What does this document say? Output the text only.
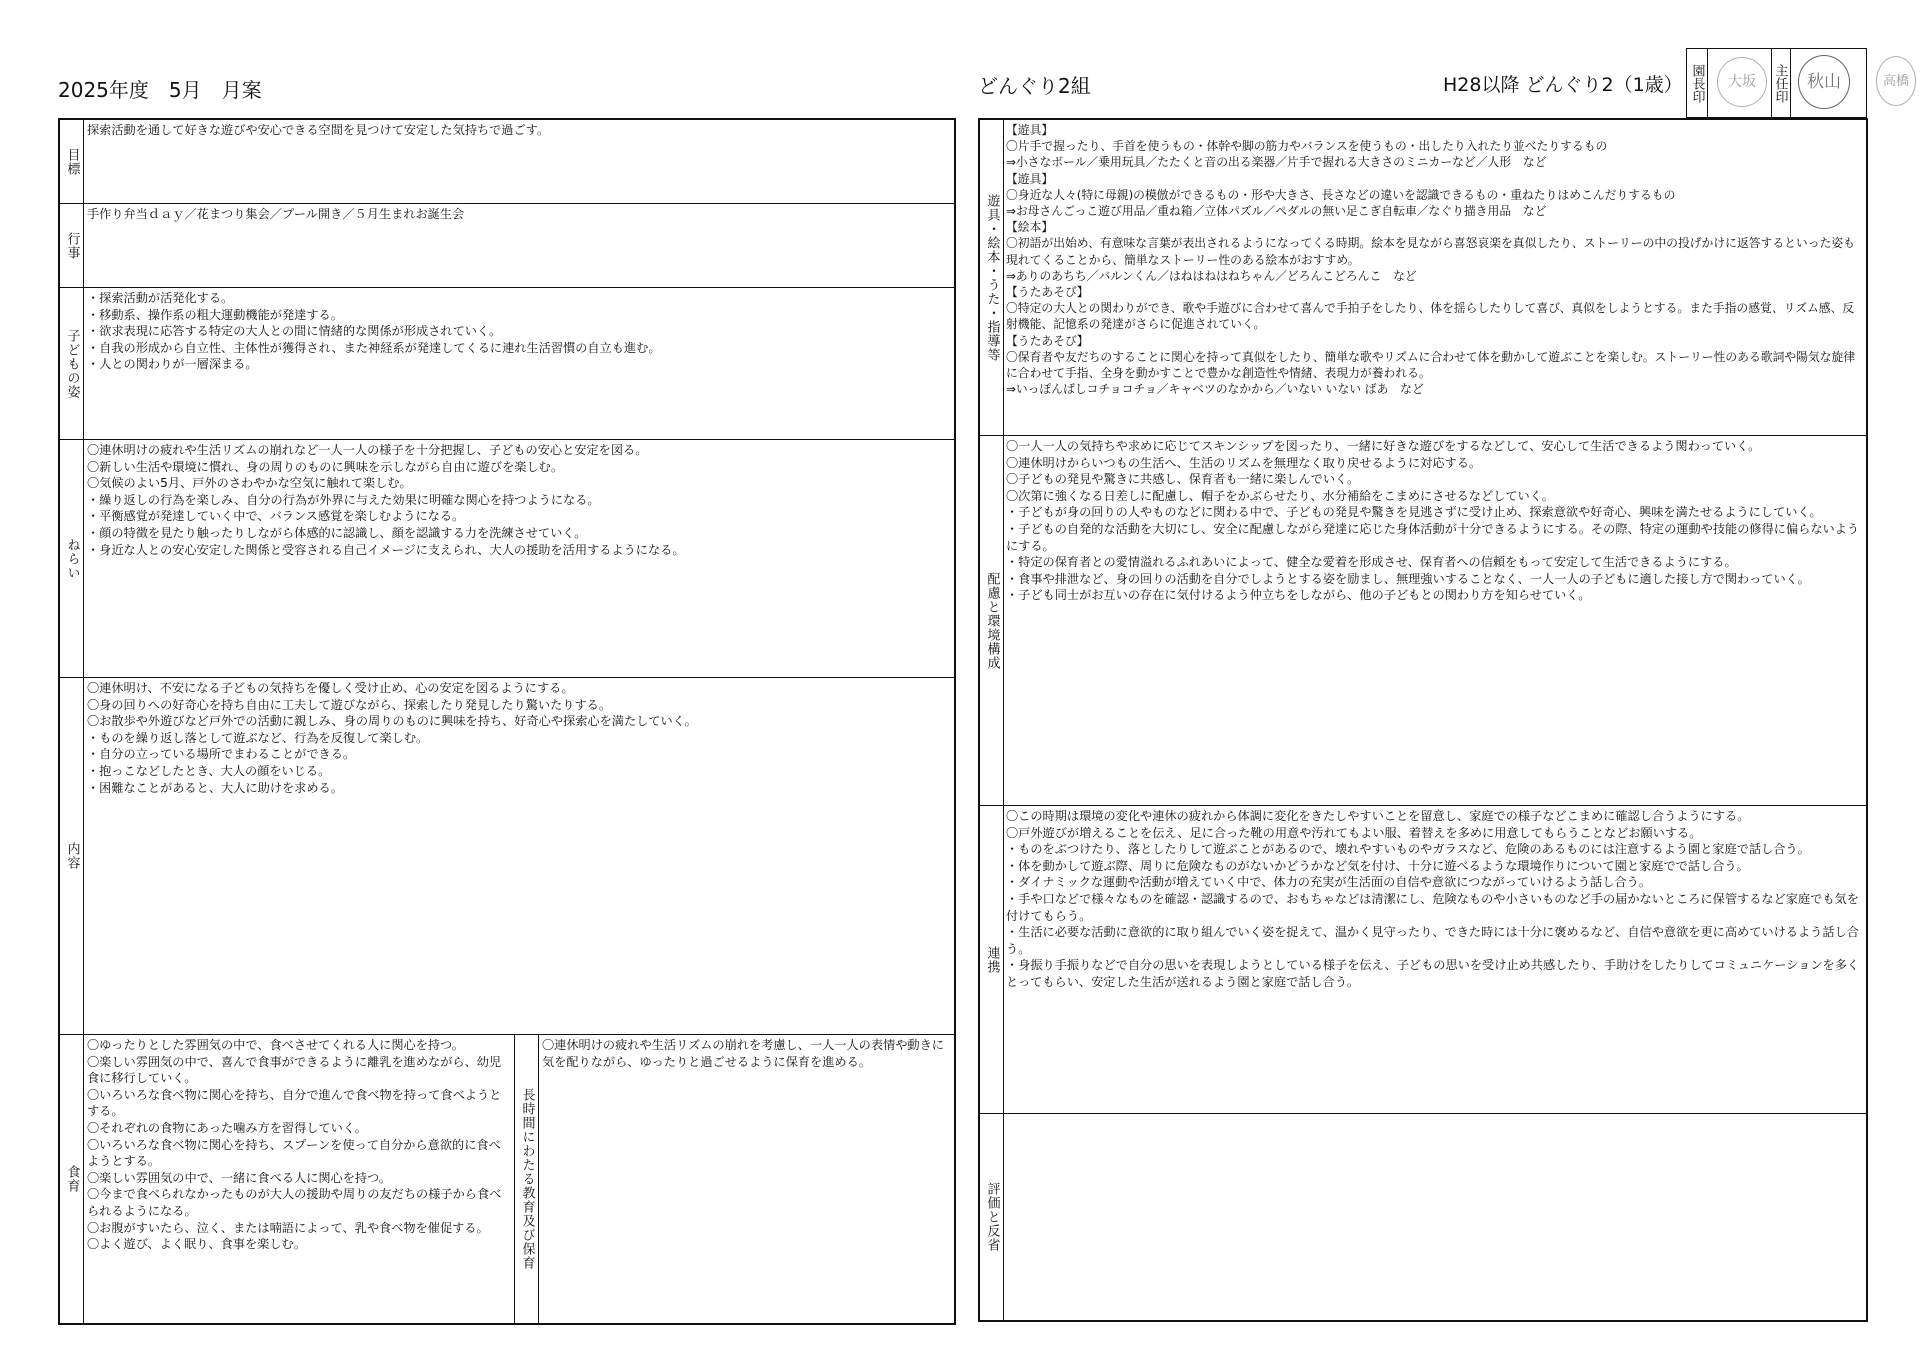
2025年度　5月　月案	どんぐり2組	H28以降 どんぐり2（1歳） 園長印	大坂	主任印	秋山	高橋
目標
探索活動を通して好きな遊びや安心できる空間を見つけて安定した気持ちで過ごす。
行事
手作り弁当ｄａｙ／花まつり集会／プール開き／５月生まれお誕生会
子どもの姿
・探索活動が活発化する。
・移動系、操作系の粗大運動機能が発達する。
・欲求表現に応答する特定の大人との間に情緒的な関係が形成されていく。
・自我の形成から自立性、主体性が獲得され、また神経系が発達してくるに連れ生活習慣の自立も進む。
・人との関わりが一層深まる。
ねらい
〇連休明けの疲れや生活リズムの崩れなど一人一人の様子を十分把握し、子どもの安心と安定を図る。
〇新しい生活や環境に慣れ、身の周りのものに興味を示しながら自由に遊びを楽しむ。
〇気候のよい5月、戸外のさわやかな空気に触れて楽しむ。
・繰り返しの行為を楽しみ、自分の行為が外界に与えた効果に明確な関心を持つようになる。
・平衡感覚が発達していく中で、バランス感覚を楽しむようになる。
・顔の特徴を見たり触ったりしながら体感的に認識し、顔を認識する力を洗練させていく。
・身近な人との安心安定した関係と受容される自己イメージに支えられ、大人の援助を活用するようになる。
内容
〇連休明け、不安になる子どもの気持ちを優しく受け止め、心の安定を図るようにする。
〇身の回りへの好奇心を持ち自由に工夫して遊びながら、探索したり発見したり驚いたりする。
〇お散歩や外遊びなど戸外での活動に親しみ、身の周りのものに興味を持ち、好奇心や探索心を満たしていく。
・ものを繰り返し落として遊ぶなど、行為を反復して楽しむ。
・自分の立っている場所でまわることができる。
・抱っこなどしたとき、大人の顔をいじる。
・困難なことがあると、大人に助けを求める。
食育
〇ゆったりとした雰囲気の中で、食べさせてくれる人に関心を持つ。
〇楽しい雰囲気の中で、喜んで食事ができるように離乳を進めながら、幼児食に移行していく。
〇いろいろな食べ物に関心を持ち、自分で進んで食べ物を持って食べようとする。
〇それぞれの食物にあった噛み方を習得していく。
〇いろいろな食べ物に関心を持ち、スプーンを使って自分から意欲的に食べようとする。
〇楽しい雰囲気の中で、一緒に食べる人に関心を持つ。
〇今まで食べられなかったものが大人の援助や周りの友だちの様子から食べられるようになる。
〇お腹がすいたら、泣く、または喃語によって、乳や食べ物を催促する。
〇よく遊び、よく眠り、食事を楽しむ。	長時間にわたる教育及び保育
〇連休明けの疲れや生活リズムの崩れを考慮し、一人一人の表情や動きに気を配りながら、ゆったりと過ごせるように保育を進める。
遊具・絵本・うた・指導等
【遊具】
〇片手で握ったり、手首を使うもの・体幹や脚の筋力やバランスを使うもの・出したり入れたり並べたりするもの
⇒小さなボール／乗用玩具／たたくと音の出る楽器／片手で握れる大きさのミニカーなど／人形　など
【遊具】
〇身近な人々(特に母親)の模倣ができるもの・形や大きさ、長さなどの違いを認識できるもの・重ねたりはめこんだりするもの
⇒お母さんごっこ遊び用品／重ね箱／立体パズル／ペダルの無い足こぎ自転車／なぐり描き用品　など
【絵本】
〇初語が出始め、有意味な言葉が表出されるようになってくる時期。絵本を見ながら喜怒哀楽を真似したり、ストーリーの中の投げかけに返答するといった姿も現れてくることから、簡単なストーリー性のある絵本がおすすめ。
⇒ありのあちち／バルンくん／はねはねはねちゃん／どろんこどろんこ　など
【うたあそび】
〇特定の大人との関わりができ、歌や手遊びに合わせて喜んで手拍子をしたり、体を揺らしたりして喜び、真似をしようとする。また手指の感覚、リズム感、反射機能、記憶系の発達がさらに促進されていく。
【うたあそび】
〇保育者や友だちのすることに関心を持って真似をしたり、簡単な歌やリズムに合わせて体を動かして遊ぶことを楽しむ。ストーリー性のある歌詞や陽気な旋律に合わせて手指、全身を動かすことで豊かな創造性や情緒、表現力が養われる。
⇒いっぽんばしコチョコチョ／キャベツのなかから／いない いない ばあ　など
配慮と環境構成
〇一人一人の気持ちや求めに応じてスキンシップを図ったり、一緒に好きな遊びをするなどして、安心して生活できるよう関わっていく。
〇連休明けからいつもの生活へ、生活のリズムを無理なく取り戻せるように対応する。
〇子どもの発見や驚きに共感し、保育者も一緒に楽しんでいく。
〇次第に強くなる日差しに配慮し、帽子をかぶらせたり、水分補給をこまめにさせるなどしていく。
・子どもが身の回りの人やものなどに関わる中で、子どもの発見や驚きを見逃さずに受け止め、探索意欲や好奇心、興味を満たせるようにしていく。
・子どもの自発的な活動を大切にし、安全に配慮しながら発達に応じた身体活動が十分できるようにする。その際、特定の運動や技能の修得に偏らないようにする。
・特定の保育者との愛情溢れるふれあいによって、健全な愛着を形成させ、保育者への信頼をもって安定して生活できるようにする。
・食事や排泄など、身の回りの活動を自分でしようとする姿を励まし、無理強いすることなく、一人一人の子どもに適した接し方で関わっていく。
・子ども同士がお互いの存在に気付けるよう仲立ちをしながら、他の子どもとの関わり方を知らせていく。
連携
〇この時期は環境の変化や連休の疲れから体調に変化をきたしやすいことを留意し、家庭での様子などこまめに確認し合うようにする。
〇戸外遊びが増えることを伝え、足に合った靴の用意や汚れてもよい服、着替えを多めに用意してもらうことなどお願いする。
・ものをぶつけたり、落としたりして遊ぶことがあるので、壊れやすいものやガラスなど、危険のあるものには注意するよう園と家庭で話し合う。
・体を動かして遊ぶ際、周りに危険なものがないかどうかなど気を付け、十分に遊べるような環境作りについて園と家庭でで話し合う。
・ダイナミックな運動や活動が増えていく中で、体力の充実が生活面の自信や意欲につながっていけるよう話し合う。
・手や口などで様々なものを確認・認識するので、おもちゃなどは清潔にし、危険なものや小さいものなど手の届かないところに保管するなど家庭でも気を付けてもらう。
・生活に必要な活動に意欲的に取り組んでいく姿を捉えて、温かく見守ったり、できた時には十分に褒めるなど、自信や意欲を更に高めていけるよう話し合う。
・身振り手振りなどで自分の思いを表現しようとしている様子を伝え、子どもの思いを受け止め共感したり、手助けをしたりしてコミュニケーションを多くとってもらい、安定した生活が送れるよう園と家庭で話し合う。
評価と反省
